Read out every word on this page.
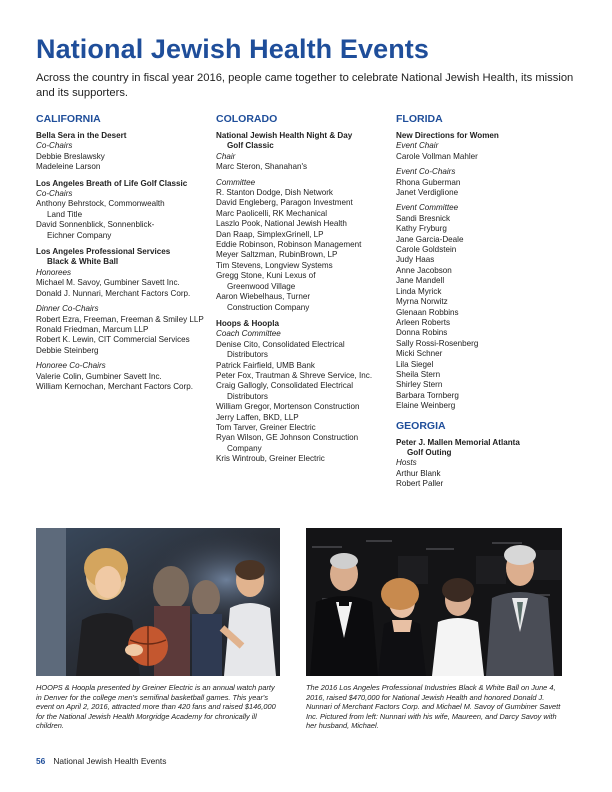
National Jewish Health Events
Across the country in fiscal year 2016, people came together to celebrate National Jewish Health, its mission and its supporters.
CALIFORNIA
Bella Sera in the Desert
Co-Chairs
Debbie Breslawsky
Madeleine Larson
Los Angeles Breath of Life Golf Classic
Co-Chairs
Anthony Behrstock, Commonwealth
Land Title
David Sonnenblick, Sonnenblick-
Eichner Company
Los Angeles Professional Services
Black & White Ball
Honorees
Michael M. Savoy, Gumbiner Savett Inc.
Donald J. Nunnari, Merchant Factors Corp.
Dinner Co-Chairs
Robert Ezra, Freeman, Freeman & Smiley LLP
Ronald Friedman, Marcum LLP
Robert K. Lewin, CIT Commercial Services
Debbie Steinberg
Honoree Co-Chairs
Valerie Colin, Gumbiner Savett Inc.
William Kernochan, Merchant Factors Corp.
COLORADO
National Jewish Health Night & Day
Golf Classic
Chair
Marc Steron, Shanahan's
Committee
R. Stanton Dodge, Dish Network
David Engleberg, Paragon Investment
Marc Paolicelli, RK Mechanical
Laszlo Pook, National Jewish Health
Dan Raap, SimplexGrinell, LP
Eddie Robinson, Robinson Management
Meyer Saltzman, RubinBrown, LP
Tim Stevens, Longview Systems
Gregg Stone, Kuni Lexus of
Greenwood Village
Aaron Wiebelhaus, Turner
Construction Company
Hoops & Hoopla
Coach Committee
Denise Cito, Consolidated Electrical
Distributors
Patrick Fairfield, UMB Bank
Peter Fox, Trautman & Shreve Service, Inc.
Craig Gallogly, Consolidated Electrical
Distributors
William Gregor, Mortenson Construction
Jerry Laffen, BKD, LLP
Tom Tarver, Greiner Electric
Ryan Wilson, GE Johnson Construction
Company
Kris Wintroub, Greiner Electric
FLORIDA
New Directions for Women
Event Chair
Carole Vollman Mahler
Event Co-Chairs
Rhona Guberman
Janet Verdiglione
Event Committee
Sandi Bresnick
Kathy Fryburg
Jane Garcia-Deale
Carole Goldstein
Judy Haas
Anne Jacobson
Jane Mandell
Linda Myrick
Myrna Norwitz
Glenaan Robbins
Arleen Roberts
Donna Robins
Sally Rossi-Rosenberg
Micki Schner
Lila Siegel
Sheila Stern
Shirley Stern
Barbara Tornberg
Elaine Weinberg
GEORGIA
Peter J. Mallen Memorial Atlanta
Golf Outing
Hosts
Arthur Blank
Robert Paller
HOOPS & Hoopla presented by Greiner Electric is an annual watch party in Denver for the college men's semifinal basketball games. This year's event on April 2, 2016, attracted more than 420 fans and raised $146,000 for the National Jewish Health Morgridge Academy for chronically ill children.
The 2016 Los Angeles Professional Industries Black & White Ball on June 4, 2016, raised $470,000 for National Jewish Health and honored Donald J. Nunnari of Merchant Factors Corp. and Michael M. Savoy of Gumbiner Savett Inc. Pictured from left: Nunnari with his wife, Maureen, and Darcy Savoy with her husband, Michael.
56 National Jewish Health Events
